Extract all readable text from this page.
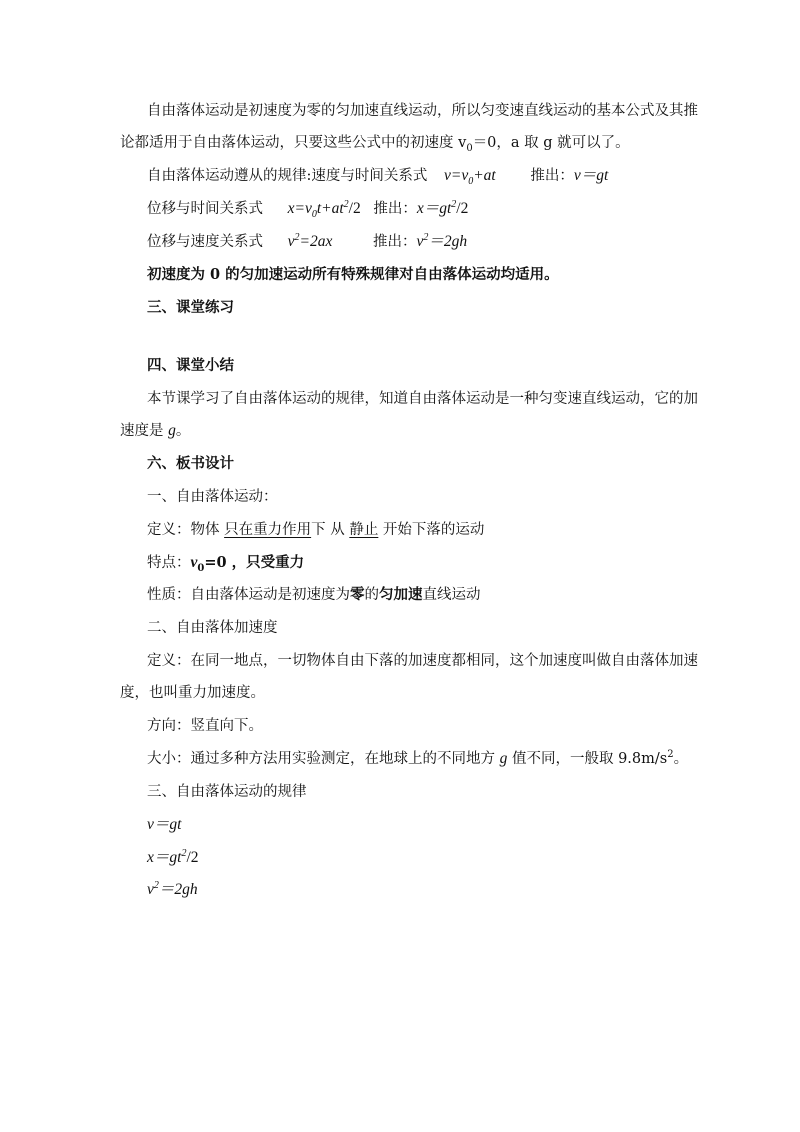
自由落体运动是初速度为零的匀加速直线运动，所以匀变速直线运动的基本公式及其推
论都适用于自由落体运动，只要这些公式中的初速度 $v_0=0$，a 取 g 就可以了。
自由落体运动遵从的规律:速度与时间关系式 $v=v_0+at$ 推出：v＝gt
位移与时间关系式 $x=v_0t+at^2/2$ 推出：$x=gt^2/2$
位移与速度关系式 $v^2=2ax$	推出：$v^2=2gh$
初速度为 0 的匀加速运动所有特殊规律对自由落体运动均适用。
三、课堂练习
四、课堂小结
本节课学习了自由落体运动的规律，知道自由落体运动是一种匀变速直线运动，它的加
速度是 g。
六、板书设计
一、自由落体运动：
定义：物体 只在重力作用下 从 静止 开始下落的运动
特点：$v_0=0$ ，只受重力
性质：自由落体运动是初速度为零的匀加速直线运动
二、自由落体加速度
定义：在同一地点，一切物体自由下落的加速度都相同，这个加速度叫做自由落体加速
度，也叫重力加速度。
方向：竖直向下。
大小：通过多种方法用实验测定，在地球上的不同地方 g 值不同，一般取 $9.8m/s^2$。
三、自由落体运动的规律
v＝gt
$x=gt^2/2$
$v^2=2gh$
